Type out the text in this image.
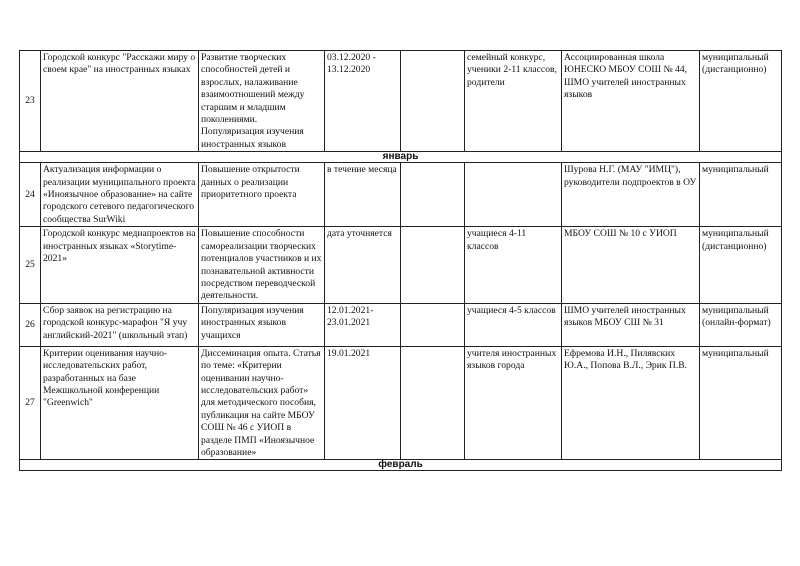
23	Городской конкурс "Расскажи миру о своем крае" на иностранных языках	Развитие творческих способностей детей и взрослых, налаживание взаимоотношений между старшим и младшим поколениями. Популяризация изучения иностранных языков	03.12.2020 - 13.12.2020		семейный конкурс, ученики 2-11 классов, родители	Ассоциированная школа ЮНЕСКО МБОУ СОШ № 44, ШМО учителей иностранных языков	муниципальный (дистанционно)
январь							
24	Актуализация информации о реализации муниципального проекта «Иноязычное образование» на сайте городского сетевого педагогического сообщества SurWiki	Повышение открытости данных о реализации приоритетного проекта	в течение месяца			Шурова Н.Г. (МАУ "ИМЦ"), руководители подпроектов в ОУ	муниципальный
25	Городской конкурс медиапроектов на иностранных языках «Storytime-2021»	Повышение способности самореализации творческих потенциалов участников и их познавательной активности посредством переводческой деятельности.	дата уточняется		учащиеся 4-11 классов	МБОУ СОШ № 10 с УИОП	муниципальный (дистанционно)
26	Сбор заявок на регистрацию на городской конкурс-марафон "Я учу английский-2021" (школьный этап)	Популяризация изучения иностранных языков учащихся	12.01.2021-23.01.2021		учащиеся 4-5 классов	ШМО учителей иностранных языков МБОУ СШ № 31	муниципальный (онлайн-формат)
27	Критерии оценивания научно-исследовательских работ, разработанных на базе Межшкольной конференции "Greenwich"	Диссеминация опыта. Статья по теме: «Критерии оценивании научно-исследовательских работ» для методического пособия, публикация на сайте МБОУ СОШ № 46 с УИОП в разделе ПМП «Иноязычное образование»	19.01.2021		учителя иностранных языков города	Ефремова И.Н., Пилявских Ю.А., Попова В.Л., Эрик П.В.	муниципальный
февраль							
